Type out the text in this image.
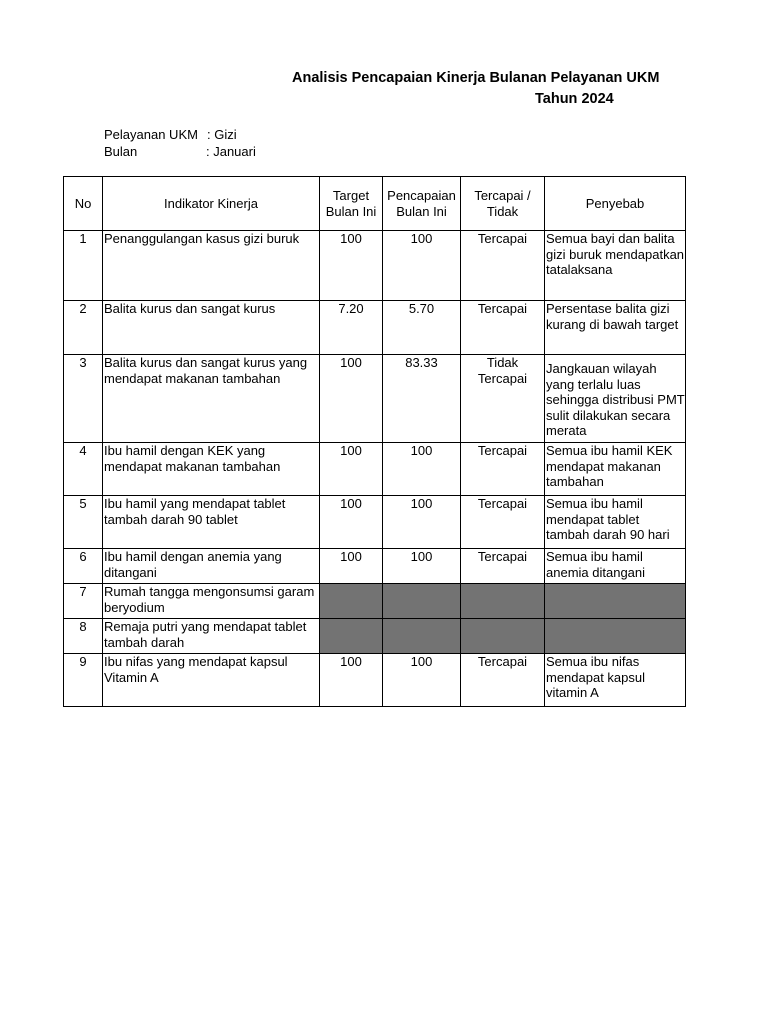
Analisis Pencapaian Kinerja Bulanan Pelayanan UKM
Tahun 2024
Pelayanan UKM : Gizi
Bulan	: Januari
No	Indikator Kinerja	Target Bulan Ini	Pencapaian Bulan Ini	Tercapai / Tidak	Penyebab
1	Penanggulangan kasus gizi buruk	100	100	Tercapai	Semua bayi dan balita gizi buruk mendapatkan tatalaksana
2	Balita kurus dan sangat kurus	7.20	5.70	Tercapai	Persentase balita gizi kurang di bawah target
3	Balita kurus dan sangat kurus yang mendapat makanan tambahan	100	83.33	Tidak Tercapai	Jangkauan wilayah yang terlalu luas sehingga distribusi PMT sulit dilakukan secara merata
4	Ibu hamil dengan KEK yang mendapat makanan tambahan	100	100	Tercapai	Semua ibu hamil KEK mendapat makanan tambahan
5	Ibu hamil yang mendapat tablet tambah darah 90 tablet	100	100	Tercapai	Semua ibu hamil mendapat tablet tambah darah 90 hari
6	Ibu hamil dengan anemia yang ditangani	100	100	Tercapai	Semua ibu hamil anemia ditangani
7	Rumah tangga mengonsumsi garam beryodium				
8	Remaja putri yang mendapat tablet tambah darah				
9	Ibu nifas yang mendapat kapsul Vitamin A	100	100	Tercapai	Semua ibu nifas mendapat kapsul vitamin A
